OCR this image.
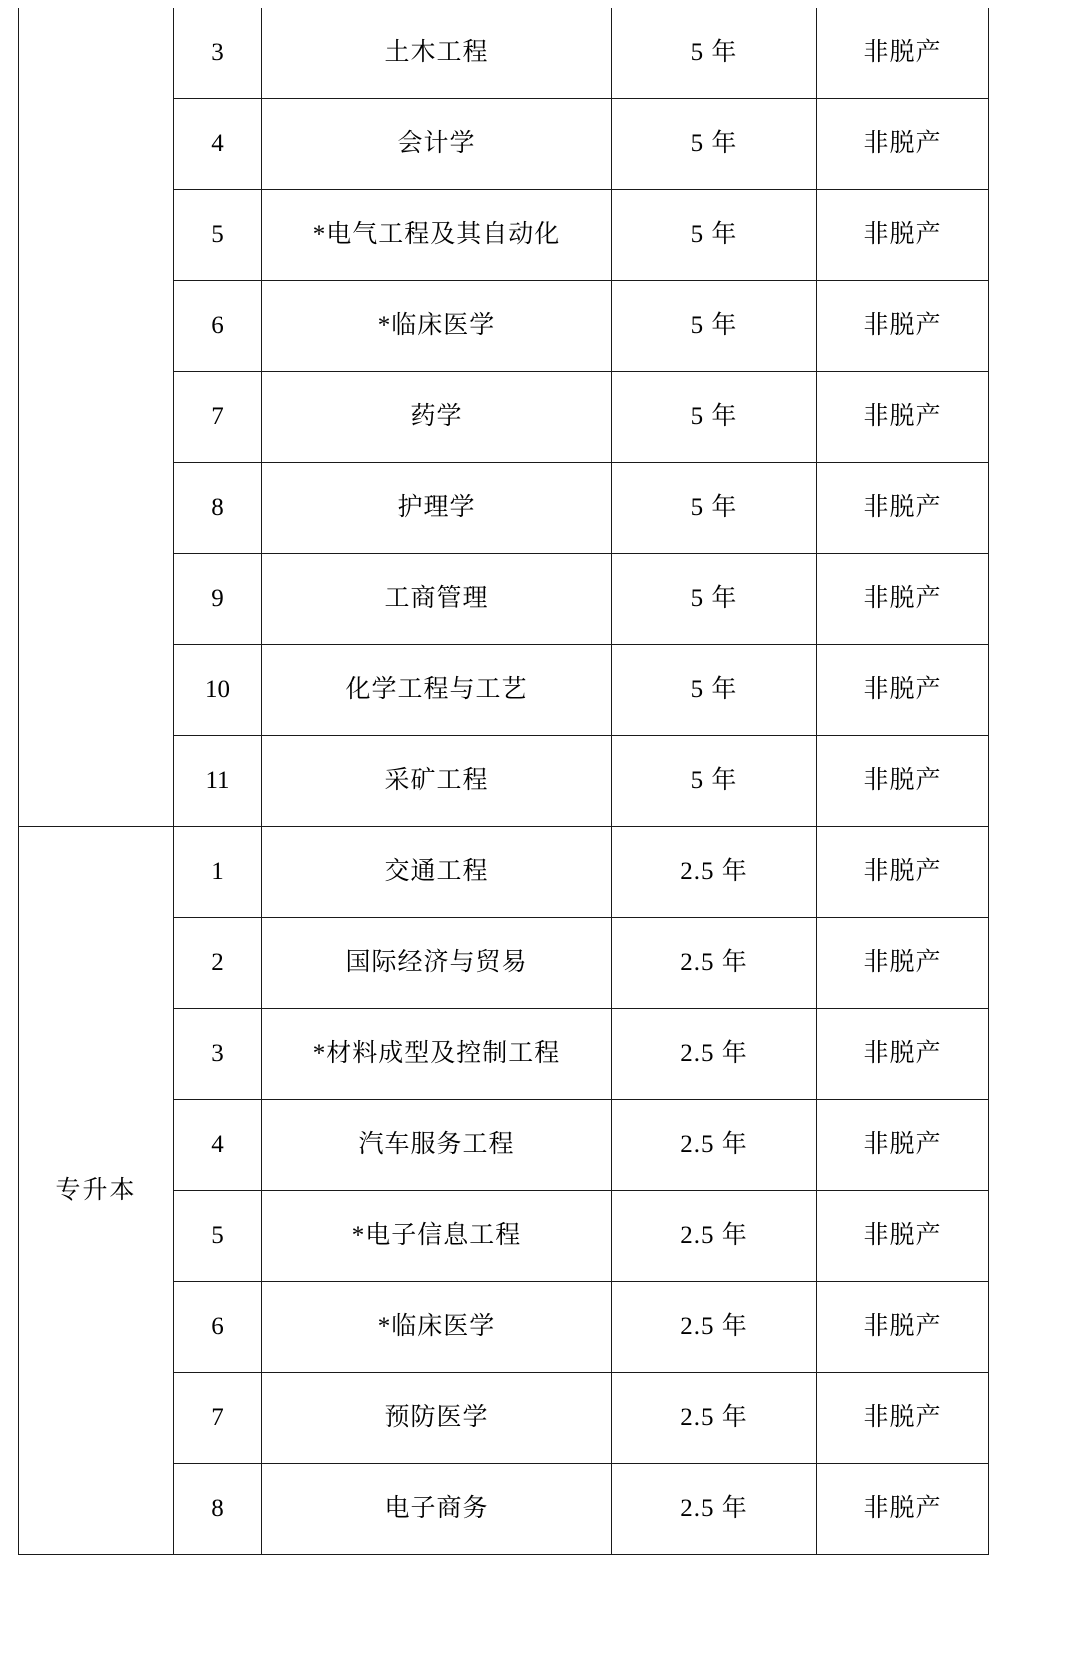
	3	土木工程	5 年	非脱产
	4	会计学	5 年	非脱产
	5	*电气工程及其自动化	5 年	非脱产
	6	*临床医学	5 年	非脱产
	7	药学	5 年	非脱产
	8	护理学	5 年	非脱产
	9	工商管理	5 年	非脱产
	10	化学工程与工艺	5 年	非脱产
	11	采矿工程	5 年	非脱产
专升本	1	交通工程	2.5 年	非脱产
	2	国际经济与贸易	2.5 年	非脱产
	3	*材料成型及控制工程	2.5 年	非脱产
	4	汽车服务工程	2.5 年	非脱产
	5	*电子信息工程	2.5 年	非脱产
	6	*临床医学	2.5 年	非脱产
	7	预防医学	2.5 年	非脱产
	8	电子商务	2.5 年	非脱产
